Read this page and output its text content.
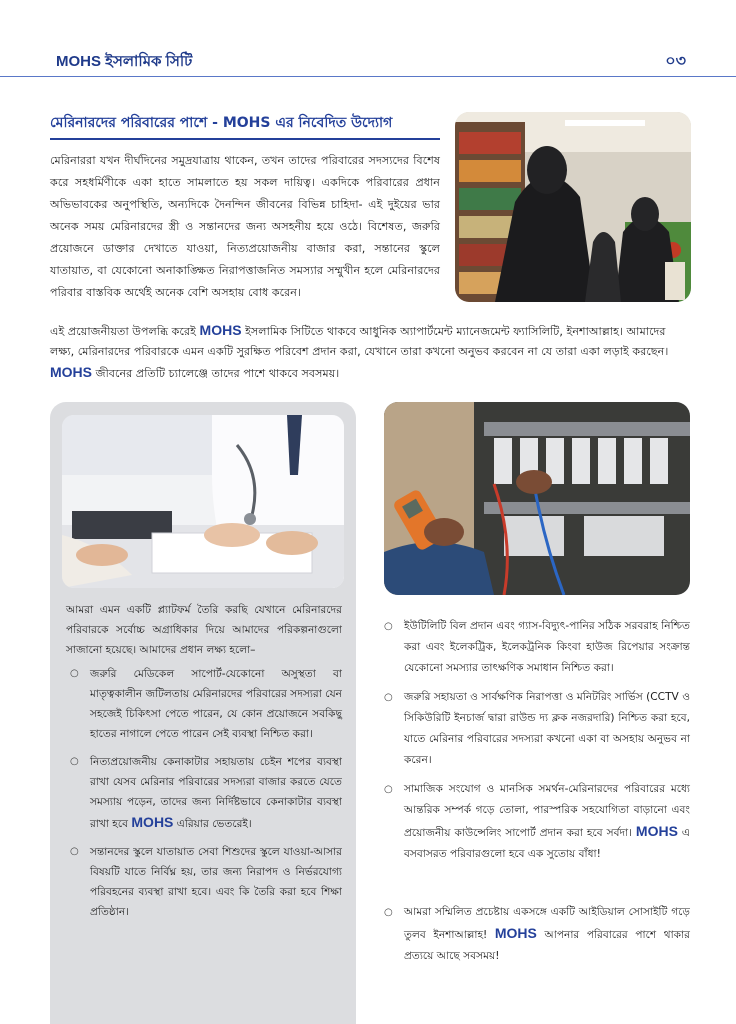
MOHS ইসলামিক সিটি	০৩
মেরিনারদের পরিবারের পাশে - MOHS এর নিবেদিত উদ্যোগ
মেরিনাররা যখন দীর্ঘদিনের সমুদ্রযাত্রায় থাকেন, তখন তাদের পরিবারের সদস্যদের বিশেষ করে সহধর্মিণীকে একা হাতে সামলাতে হয় সকল দায়িত্ব। একদিকে পরিবারের প্রধান অভিভাবকের অনুপস্থিতি, অন্যদিকে দৈনন্দিন জীবনের বিভিন্ন চাহিদা- এই দুইয়ের ভার অনেক সময় মেরিনারদের স্ত্রী ও সন্তানদের জন্য অসহনীয় হয়ে ওঠে। বিশেষত, জরুরি প্রয়োজনে ডাক্তার দেখাতে যাওয়া, নিত্যপ্রয়োজনীয় বাজার করা, সন্তানের স্কুলে যাতায়াত, বা যেকোনো অনাকাঙ্ক্ষিত নিরাপত্তাজনিত সমস্যার সম্মুখীন হলে মেরিনারদের পরিবার বাস্তবিক অর্থেই অনেক বেশি অসহায় বোধ করেন।
এই প্রয়োজনীয়তা উপলব্ধি করেই MOHS ইসলামিক সিটিতে থাকবে আধুনিক অ্যাপার্টমেন্ট ম্যানেজমেন্ট ফ্যাসিলিটি, ইনশাআল্লাহ। আমাদের লক্ষ্য, মেরিনারদের পরিবারকে এমন একটি সুরক্ষিত পরিবেশ প্রদান করা, যেখানে তারা কখনো অনুভব করবেন না যে তারা একা লড়াই করছেন। MOHS জীবনের প্রতিটি চ্যালেঞ্জে তাদের পাশে থাকবে সবসময়।

আমরা এমন একটি প্ল্যাটফর্ম তৈরি করছি যেখানে মেরিনারদের পরিবারকে সর্বোচ্চ অগ্রাধিকার দিয়ে আমাদের পরিকল্পনাগুলো সাজানো হয়েছে। আমাদের প্রধান লক্ষ্য হলো–

○ জরুরি মেডিকেল সাপোর্ট-যেকোনো অসুস্থতা বা মাতৃত্বকালীন জটিলতায় মেরিনারদের পরিবারের সদস্যরা যেন সহজেই চিকিৎসা পেতে পারেন, যে কোন প্রয়োজনে সবকিছু হাতের নাগালে পেতে পারেন সেই ব্যবস্থা নিশ্চিত করা।
○ নিত্যপ্রয়োজনীয় কেনাকাটার সহায়তায় চেইন শপের ব্যবস্থা রাখা যেসব মেরিনার পরিবারের সদস্যরা বাজার করতে যেতে সমস্যায় পড়েন, তাদের জন্য নির্দিষ্টভাবে কেনাকাটার ব্যবস্থা রাখা হবে MOHS এরিয়ার ভেতরেই।
○ সন্তানদের স্কুলে যাতায়াত সেবা শিশুদের স্কুলে যাওয়া-আসার বিষয়টি যাতে নির্বিঘ্ন হয়, তার জন্য নিরাপদ ও নির্ভরযোগ্য পরিবহনের ব্যবস্থা রাখা হবে। এবং কি তৈরি করা হবে শিক্ষা প্রতিষ্ঠান।
○ ইউটিলিটি বিল প্রদান এবং গ্যাস-বিদ্যুৎ-পানির সঠিক সরবরাহ নিশ্চিত করা এবং ইলেকট্রিক, ইলেকট্রনিক কিংবা হাউজ রিপেয়ার সংক্রান্ত যেকোনো সমস্যার তাৎক্ষণিক সমাধান নিশ্চিত করা।
○ জরুরি সহায়তা ও সার্বক্ষণিক নিরাপত্তা ও মনিটরিং সার্ভিস (CCTV ও সিকিউরিটি ইনচার্জ দ্বারা রাউন্ড দ্য ক্লক নজরদারি) নিশ্চিত করা হবে, যাতে মেরিনার পরিবারের সদস্যরা কখনো একা বা অসহায় অনুভব না করেন।
○ সামাজিক সংযোগ ও মানসিক সমর্থন-মেরিনারদের পরিবারের মধ্যে আন্তরিক সম্পর্ক গড়ে তোলা, পারস্পরিক সহযোগিতা বাড়ানো এবং প্রয়োজনীয় কাউন্সেলিং সাপোর্ট প্রদান করা হবে সর্বদা। MOHS এ বসবাসরত পরিবারগুলো হবে এক সুতোয় বাঁধা!
○ আমরা সম্মিলিত প্রচেষ্টায় একসঙ্গে একটি আইডিয়াল সোসাইটি গড়ে তুলব ইনশাআল্লাহ! MOHS আপনার পরিবারের পাশে থাকার প্রত্যয়ে আছে সবসময়!
